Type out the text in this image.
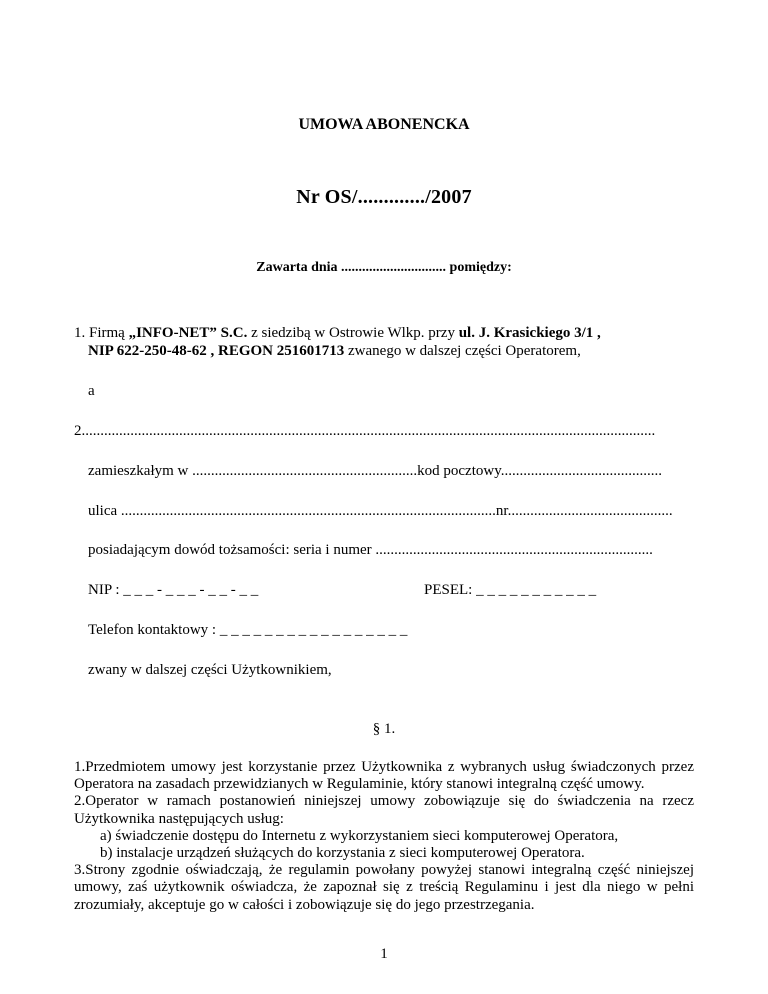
UMOWA ABONENCKA
Nr OS/............./2007
Zawarta dnia .............................. pomiędzy:
1. Firmą „INFO-NET” S.C. z siedzibą w Ostrowie Wlkp. przy ul. J. Krasickiego 3/1 ,
NIP 622-250-48-62 , REGON 251601713 zwanego w dalszej części Operatorem,
a
2.........................................................................................................................................................
zamieszkałym w ............................................................kod pocztowy...........................................
ulica ....................................................................................................nr............................................
posiadającym dowód tożsamości: seria i numer ..........................................................................
NIP : _ _ _ - _ _ _ - _ _ - _ _	PESEL: _ _ _ _ _ _ _ _ _ _ _
Telefon kontaktowy : _ _ _ _ _ _ _ _ _ _ _ _ _ _ _ _ _
zwany w dalszej części Użytkownikiem,
§ 1.
1.Przedmiotem umowy jest korzystanie przez Użytkownika z wybranych usług świadczonych przez Operatora na zasadach przewidzianych w Regulaminie, który stanowi integralną część umowy.
2.Operator w ramach postanowień niniejszej umowy zobowiązuje się do świadczenia na rzecz Użytkownika następujących usług:
a) świadczenie dostępu do Internetu z wykorzystaniem sieci komputerowej Operatora,
b) instalacje urządzeń służących do korzystania z sieci komputerowej Operatora.
3.Strony zgodnie oświadczają, że regulamin powołany powyżej stanowi integralną część niniejszej umowy, zaś użytkownik oświadcza, że zapoznał się z treścią Regulaminu i jest dla niego w pełni zrozumiały, akceptuje go w całości i zobowiązuje się do jego przestrzegania.
1
